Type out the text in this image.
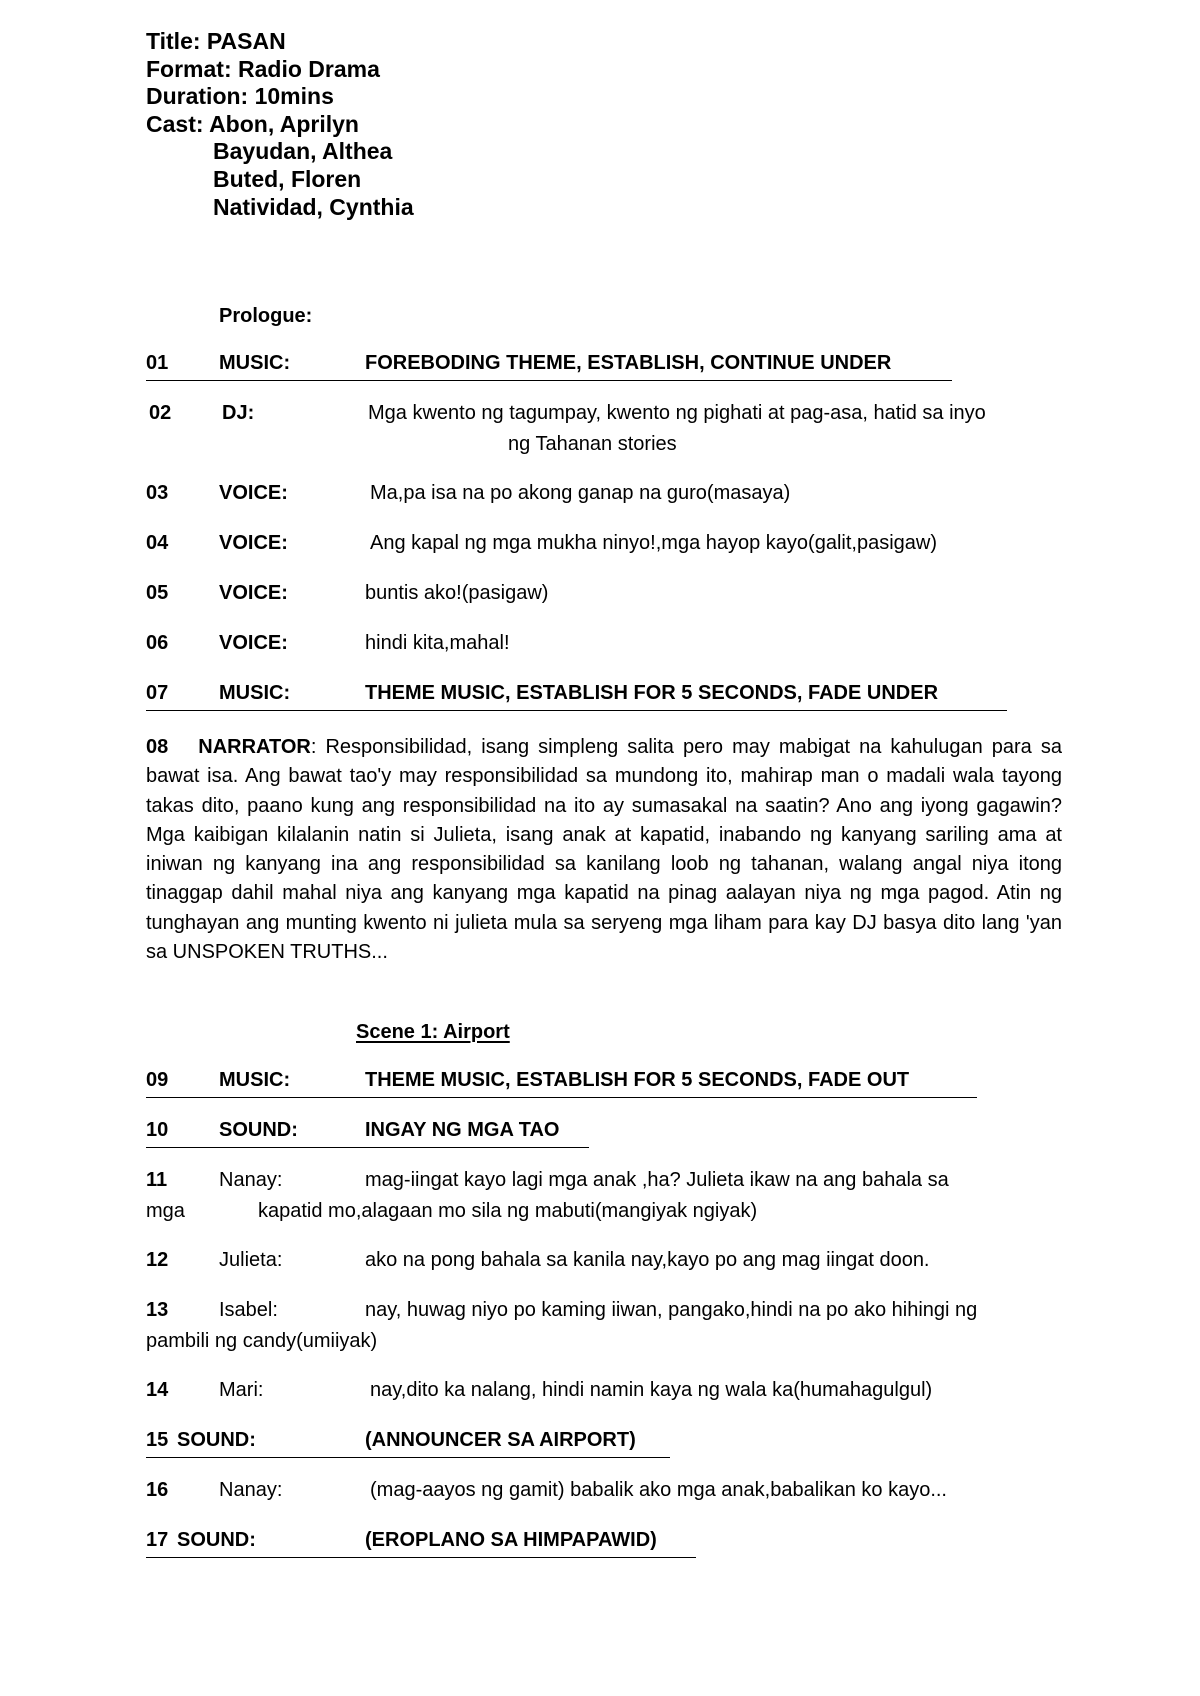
Title: PASAN
Format: Radio Drama
Duration: 10mins
Cast: Abon, Aprilyn
Bayudan, Althea
Buted, Floren
Natividad, Cynthia
Prologue:
01	MUSIC:	FOREBODING THEME, ESTABLISH, CONTINUE UNDER
02	DJ:	Mga kwento ng tagumpay, kwento ng pighati at pag-asa, hatid sa inyo
ng Tahanan stories
03	VOICE:	Ma,pa isa na po akong ganap na guro(masaya)
04	VOICE:	Ang kapal ng mga mukha ninyo!,mga hayop kayo(galit,pasigaw)
05	VOICE:	buntis ako!(pasigaw)
06	VOICE:	hindi kita,mahal!
07	MUSIC:	THEME MUSIC, ESTABLISH FOR 5 SECONDS, FADE UNDER
08 NARRATOR: Responsibilidad, isang simpleng salita pero may mabigat na kahulugan para sa bawat isa. Ang bawat tao'y may responsibilidad sa mundong ito, mahirap man o madali wala tayong takas dito, paano kung ang responsibilidad na ito ay sumasakal na saatin? Ano ang iyong gagawin? Mga kaibigan kilalanin natin si Julieta, isang anak at kapatid, inabando ng kanyang sariling ama at iniwan ng kanyang ina ang responsibilidad sa kanilang loob ng tahanan, walang angal niya itong tinaggap dahil mahal niya ang kanyang mga kapatid na pinag aalayan niya ng mga pagod. Atin ng tunghayan ang munting kwento ni julieta mula sa seryeng mga liham para kay DJ basya dito lang 'yan sa UNSPOKEN TRUTHS...
Scene 1: Airport
09	MUSIC:	THEME MUSIC, ESTABLISH FOR 5 SECONDS, FADE OUT
10	SOUND:	INGAY NG MGA TAO
11	Nanay:	mag-iingat kayo lagi mga anak ,ha? Julieta ikaw na ang bahala sa
mga	kapatid mo,alagaan mo sila ng mabuti(mangiyak ngiyak)
12	Julieta:	ako na pong bahala sa kanila nay,kayo po ang mag iingat doon.
13	Isabel:	nay, huwag niyo po kaming iiwan, pangako,hindi na po ako hihingi ng
pambili ng candy(umiiyak)
14	Mari:	nay,dito ka nalang, hindi namin kaya ng wala ka(humahagulgul)
15 SOUND:	(ANNOUNCER SA AIRPORT)
16	Nanay:	(mag-aayos ng gamit) babalik ako mga anak,babalikan ko kayo...
17 SOUND:	(EROPLANO SA HIMPAPAWID)
